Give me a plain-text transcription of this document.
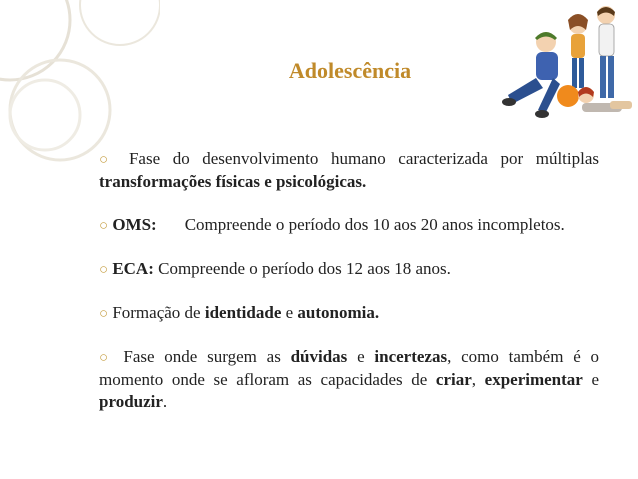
Adolescência

○ Fase do desenvolvimento humano caracterizada por múltiplas transformações físicas e psicológicas.

○ OMS: Compreende o período dos 10 aos 20 anos incompletos.

○ ECA: Compreende o período dos 12 aos 18 anos.

○ Formação de identidade e autonomia.

○ Fase onde surgem as dúvidas e incertezas, como também é o momento onde se afloram as capacidades de criar, experimentar e produzir.
